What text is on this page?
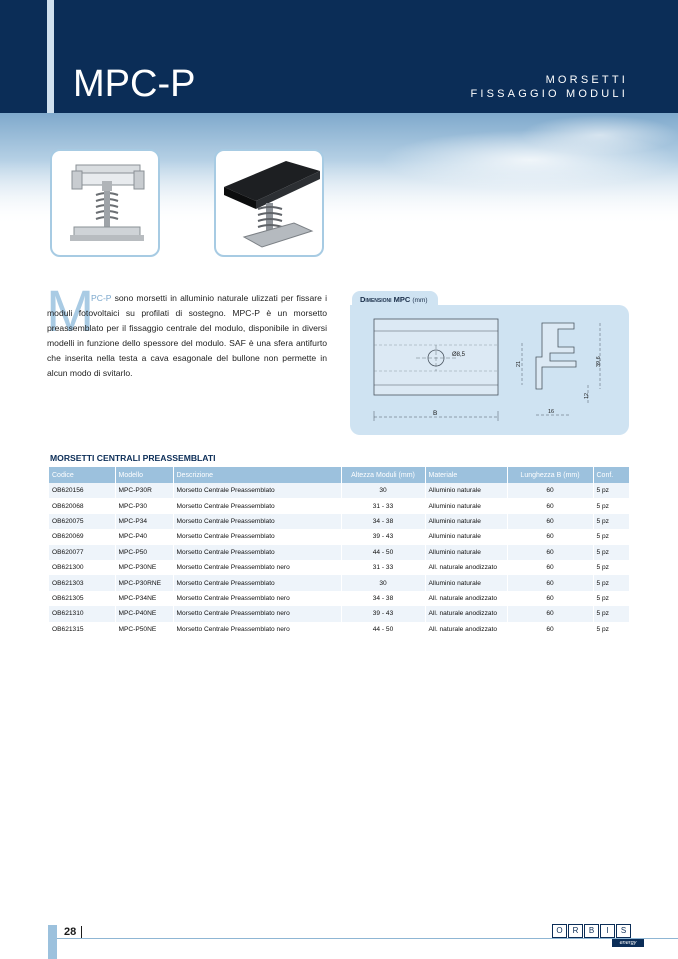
MPC-P	MORSETTI
FISSAGGIO MODULI
M
PC-P sono morsetti in alluminio naturale ulizzati per fissare i moduli fotovoltaici su profilati di sostegno. MPC-P è un morsetto preassemblato per il fissaggio centrale del modulo, disponibile in diversi modelli in funzione dello spessore del modulo. SAF è una sfera antifurto che inserita nella testa a cava esagonale del bullone non permette in alcun modo di svitarlo.
Dimensioni MPC (mm)
Ø8,5
B
21	39,6
12
16
MORSETTI CENTRALI PREASSEMBLATI
Codice	Modello	Descrizione	Altezza Moduli (mm)	Materiale	Lunghezza B (mm)	Conf.
OB620156	MPC-P30R	Morsetto Centrale Preassemblato	30	Alluminio naturale	60	5 pz
OB620068	MPC-P30	Morsetto Centrale Preassemblato	31 - 33	Alluminio naturale	60	5 pz
OB620075	MPC-P34	Morsetto Centrale Preassemblato	34 - 38	Alluminio naturale	60	5 pz
OB620069	MPC-P40	Morsetto Centrale Preassemblato	39 - 43	Alluminio naturale	60	5 pz
OB620077	MPC-P50	Morsetto Centrale Preassemblato	44 - 50	Alluminio naturale	60	5 pz
OB621300	MPC-P30NE	Morsetto Centrale Preassemblato nero	31 - 33	All. naturale anodizzato	60	5 pz
OB621303	MPC-P30RNE	Morsetto Centrale Preassemblato	30	Alluminio naturale	60	5 pz
OB621305	MPC-P34NE	Morsetto Centrale Preassemblato nero	34 - 38	All. naturale anodizzato	60	5 pz
OB621310	MPC-P40NE	Morsetto Centrale Preassemblato nero	39 - 43	All. naturale anodizzato	60	5 pz
OB621315	MPC-P50NE	Morsetto Centrale Preassemblato nero	44 - 50	All. naturale anodizzato	60	5 pz
28	O	R	B	I	S
energy
